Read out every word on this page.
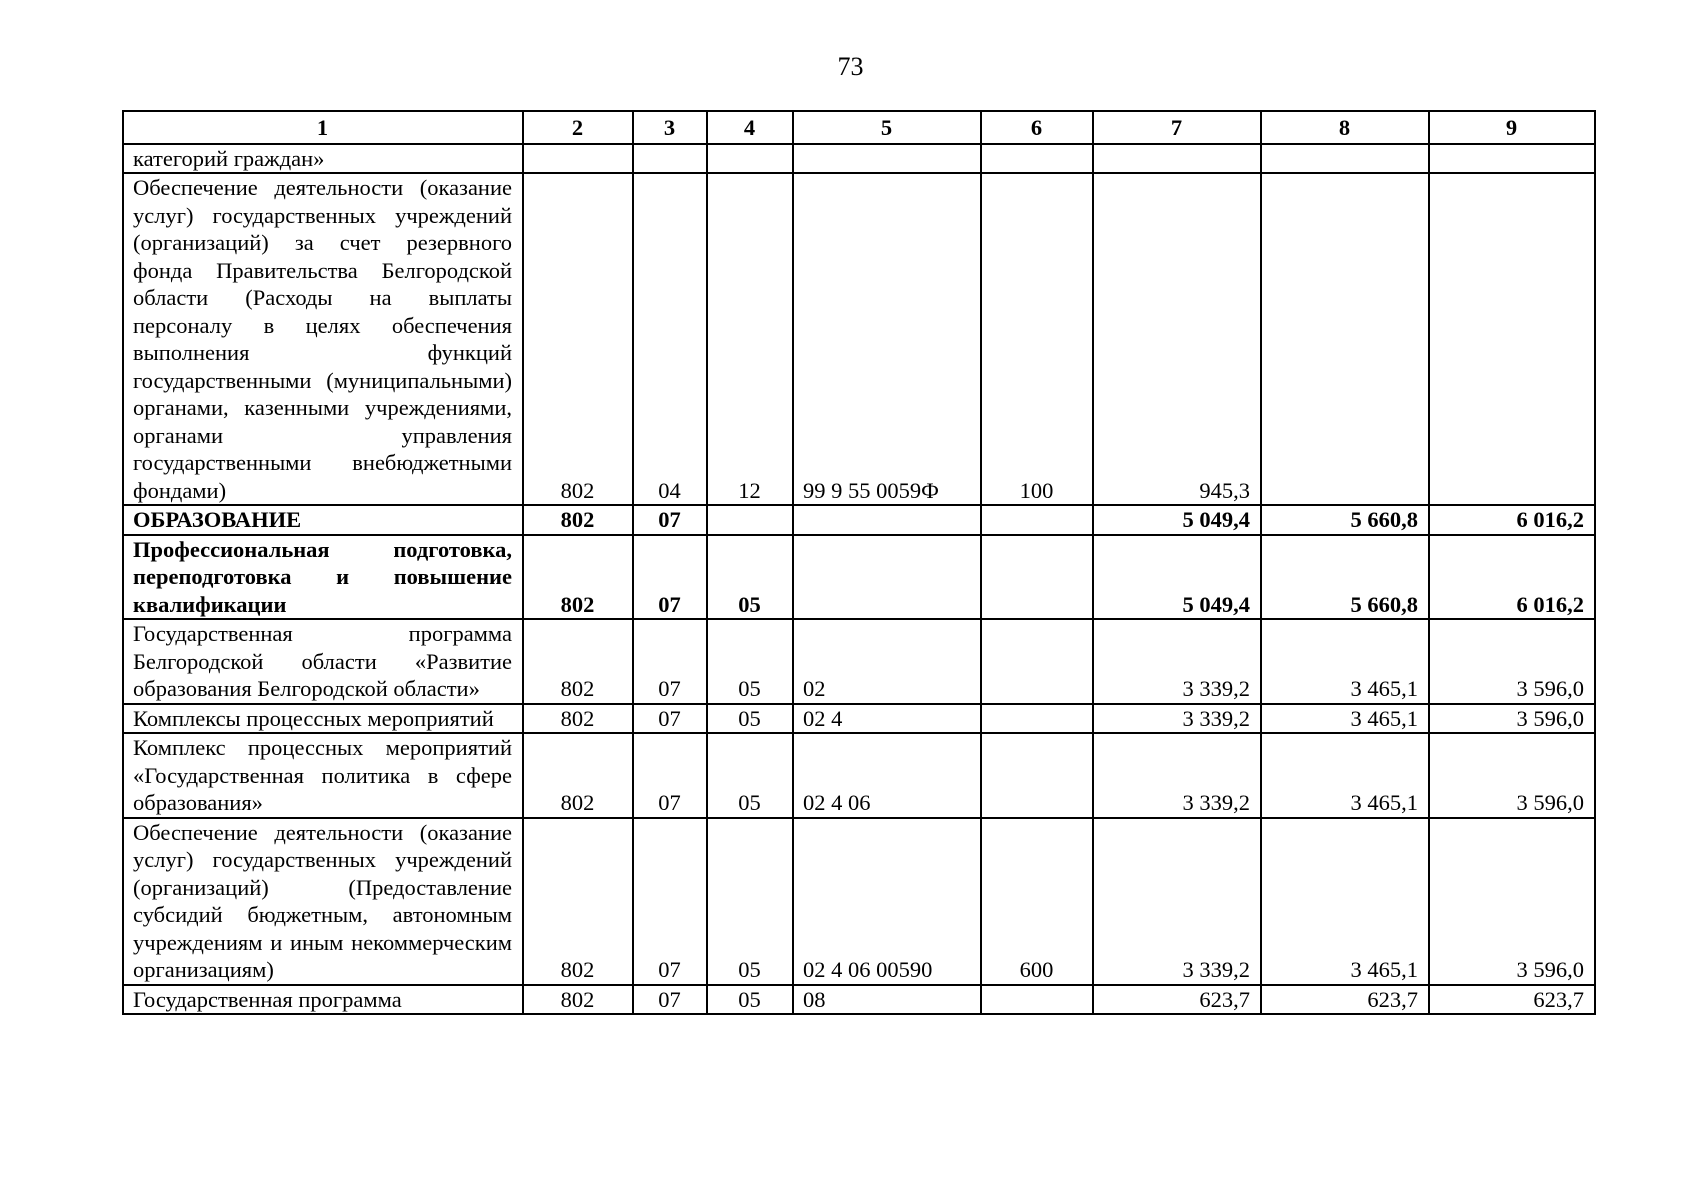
73
1	2	3	4	5	6	7	8	9
категорий граждан»								
Обеспечение деятельности (оказание услуг) государственных учреждений (организаций) за счет резервного фонда Правительства Белгородской области (Расходы на выплаты персоналу в целях обеспечения выполнения функций государственными (муниципальными) органами, казенными учреждениями, органами управления государственными внебюджетными фондами)	802	04	12	99 9 55 0059Ф	100	945,3		
ОБРАЗОВАНИЕ	802	07				5 049,4	5 660,8	6 016,2
Профессиональная подготовка, переподготовка и повышение квалификации	802	07	05			5 049,4	5 660,8	6 016,2
Государственная программа Белгородской области «Развитие образования Белгородской области»	802	07	05	02		3 339,2	3 465,1	3 596,0
Комплексы процессных мероприятий	802	07	05	02 4		3 339,2	3 465,1	3 596,0
Комплекс процессных мероприятий «Государственная политика в сфере образования»	802	07	05	02 4 06		3 339,2	3 465,1	3 596,0
Обеспечение деятельности (оказание услуг) государственных учреждений (организаций) (Предоставление субсидий бюджетным, автономным учреждениям и иным некоммерческим организациям)	802	07	05	02 4 06 00590	600	3 339,2	3 465,1	3 596,0
Государственная программа	802	07	05	08		623,7	623,7	623,7
